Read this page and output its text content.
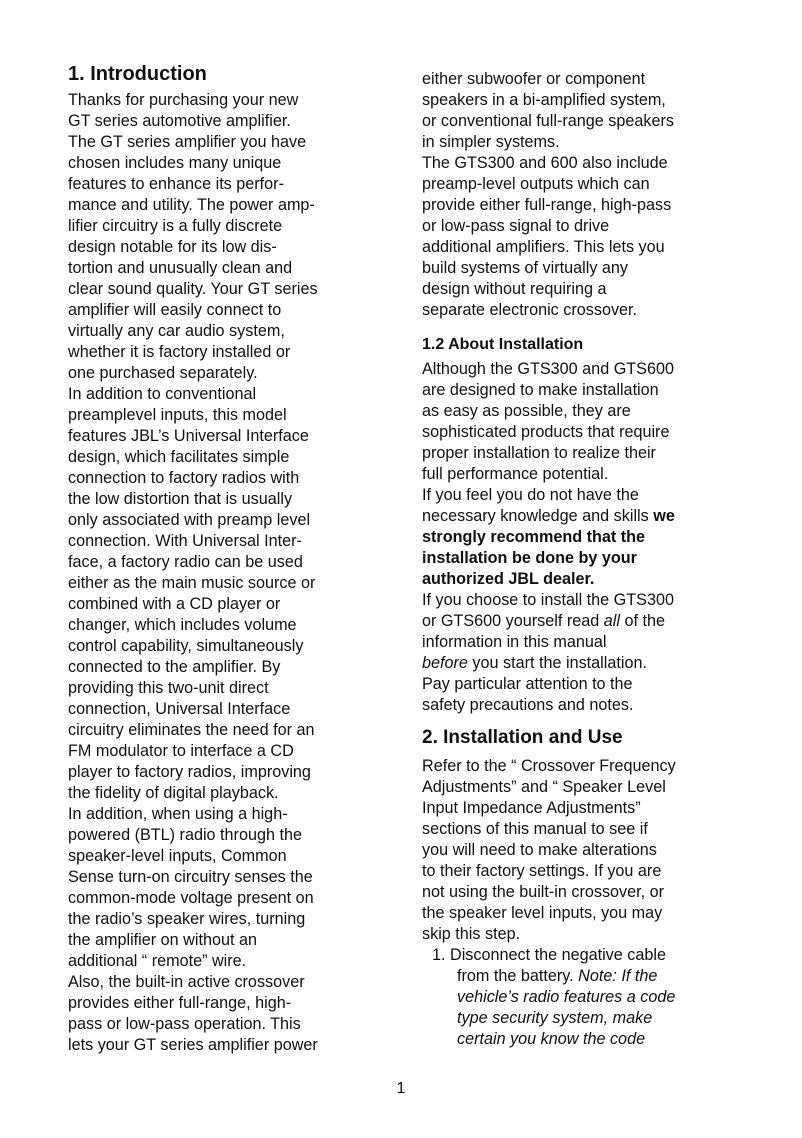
1. Introduction
Thanks for purchasing your new
GT series automotive amplifier.
The GT series amplifier you have
chosen includes many unique
features to enhance its perfor-
mance and utility. The power amp-
lifier circuitry is a fully discrete
design notable for its low dis-
tortion and unusually clean and
clear sound quality. Your GT series
amplifier will easily connect to
virtually any car audio system,
whether it is factory installed or
one purchased separately.
In addition to conventional
preamplevel inputs, this model
features JBL’s Universal Interface
design, which facilitates simple
connection to factory radios with
the low distortion that is usually
only associated with preamp level
connection. With Universal Inter-
face, a factory radio can be used
either as the main music source or
combined with a CD player or
changer, which includes volume
control capability, simultaneously
connected to the amplifier. By
providing this two-unit direct
connection, Universal Interface
circuitry eliminates the need for an
FM modulator to interface a CD
player to factory radios, improving
the fidelity of digital playback.
In addition, when using a high-
powered (BTL) radio through the
speaker-level inputs, Common
Sense turn-on circuitry senses the
common-mode voltage present on
the radio’s speaker wires, turning
the amplifier on without an
additional “ remote” wire.
Also, the built-in active crossover
provides either full-range, high-
pass or low-pass operation. This
lets your GT series amplifier power
either subwoofer or component
speakers in a bi-amplified system,
or conventional full-range speakers
in simpler systems.
The GTS300 and 600 also include
preamp-level outputs which can
provide either full-range, high-pass
or low-pass signal to drive
additional amplifiers. This lets you
build systems of virtually any
design without requiring a
separate electronic crossover.
1.2 About Installation
Although the GTS300 and GTS600
are designed to make installation
as easy as possible, they are
sophisticated products that require
proper installation to realize their
full performance potential.
If you feel you do not have the
necessary knowledge and skills we
strongly recommend that the
installation be done by your
authorized JBL dealer.
If you choose to install the GTS300
or GTS600 yourself read all of the
information in this manual
before you start the installation.
Pay particular attention to the
safety precautions and notes.
2. Installation and Use
Refer to the “ Crossover Frequency
Adjustments” and “ Speaker Level
Input Impedance Adjustments”
sections of this manual to see if
you will need to make alterations
to their factory settings. If you are
not using the built-in crossover, or
the speaker level inputs, you may
skip this step.
1. Disconnect the negative cable
from the battery. Note: If the
vehicle’s radio features a code
type security system, make
certain you know the code
1
